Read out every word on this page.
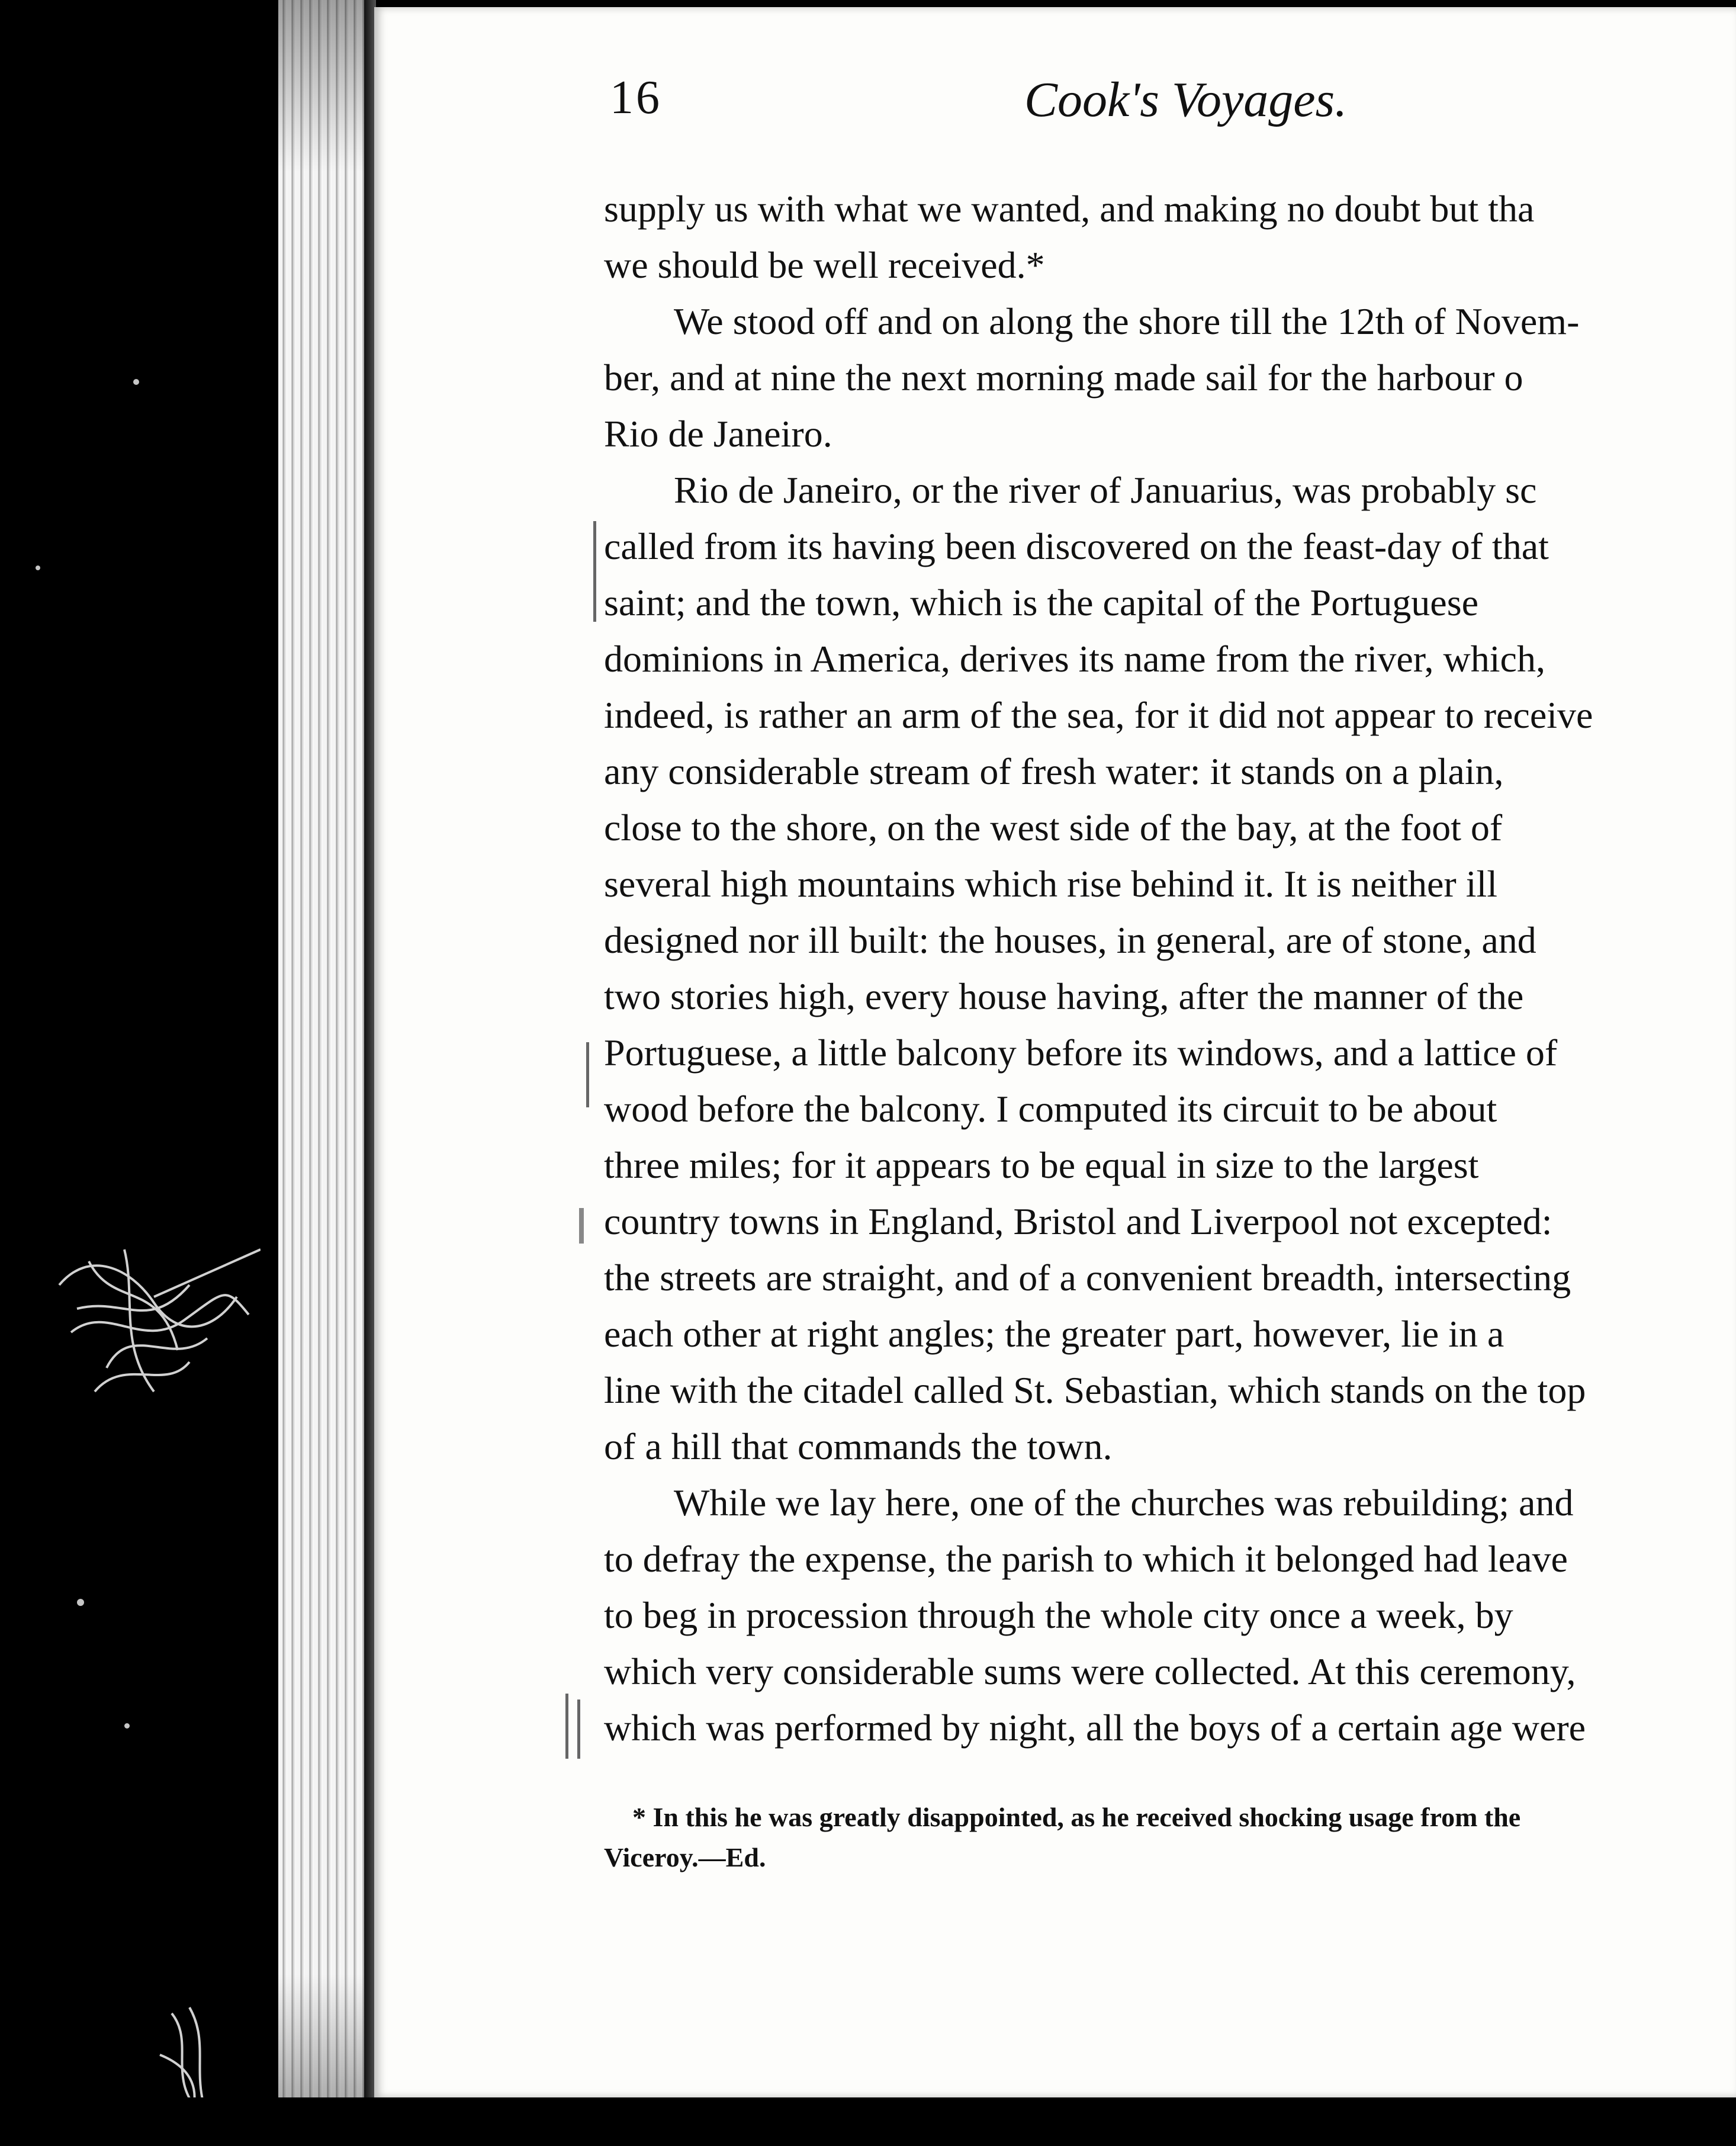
16	Cook's Voyages.
supply us with what we wanted, and making no doubt but tha
we should be well received.*
We stood off and on along the shore till the 12th of Novem-
ber, and at nine the next morning made sail for the harbour o
Rio de Janeiro.
Rio de Janeiro, or the river of Januarius, was probably sc
called from its having been discovered on the feast-day of that
saint; and the town, which is the capital of the Portuguese
dominions in America, derives its name from the river, which,
indeed, is rather an arm of the sea, for it did not appear to receive
any considerable stream of fresh water: it stands on a plain,
close to the shore, on the west side of the bay, at the foot of
several high mountains which rise behind it. It is neither ill
designed nor ill built: the houses, in general, are of stone, and
two stories high, every house having, after the manner of the
Portuguese, a little balcony before its windows, and a lattice of
wood before the balcony. I computed its circuit to be about
three miles; for it appears to be equal in size to the largest
country towns in England, Bristol and Liverpool not excepted:
the streets are straight, and of a convenient breadth, intersecting
each other at right angles; the greater part, however, lie in a
line with the citadel called St. Sebastian, which stands on the top
of a hill that commands the town.
While we lay here, one of the churches was rebuilding; and
to defray the expense, the parish to which it belonged had leave
to beg in procession through the whole city once a week, by
which very considerable sums were collected. At this ceremony,
which was performed by night, all the boys of a certain age were
* In this he was greatly disappointed, as he received shocking usage from the
Viceroy.—Ed.
